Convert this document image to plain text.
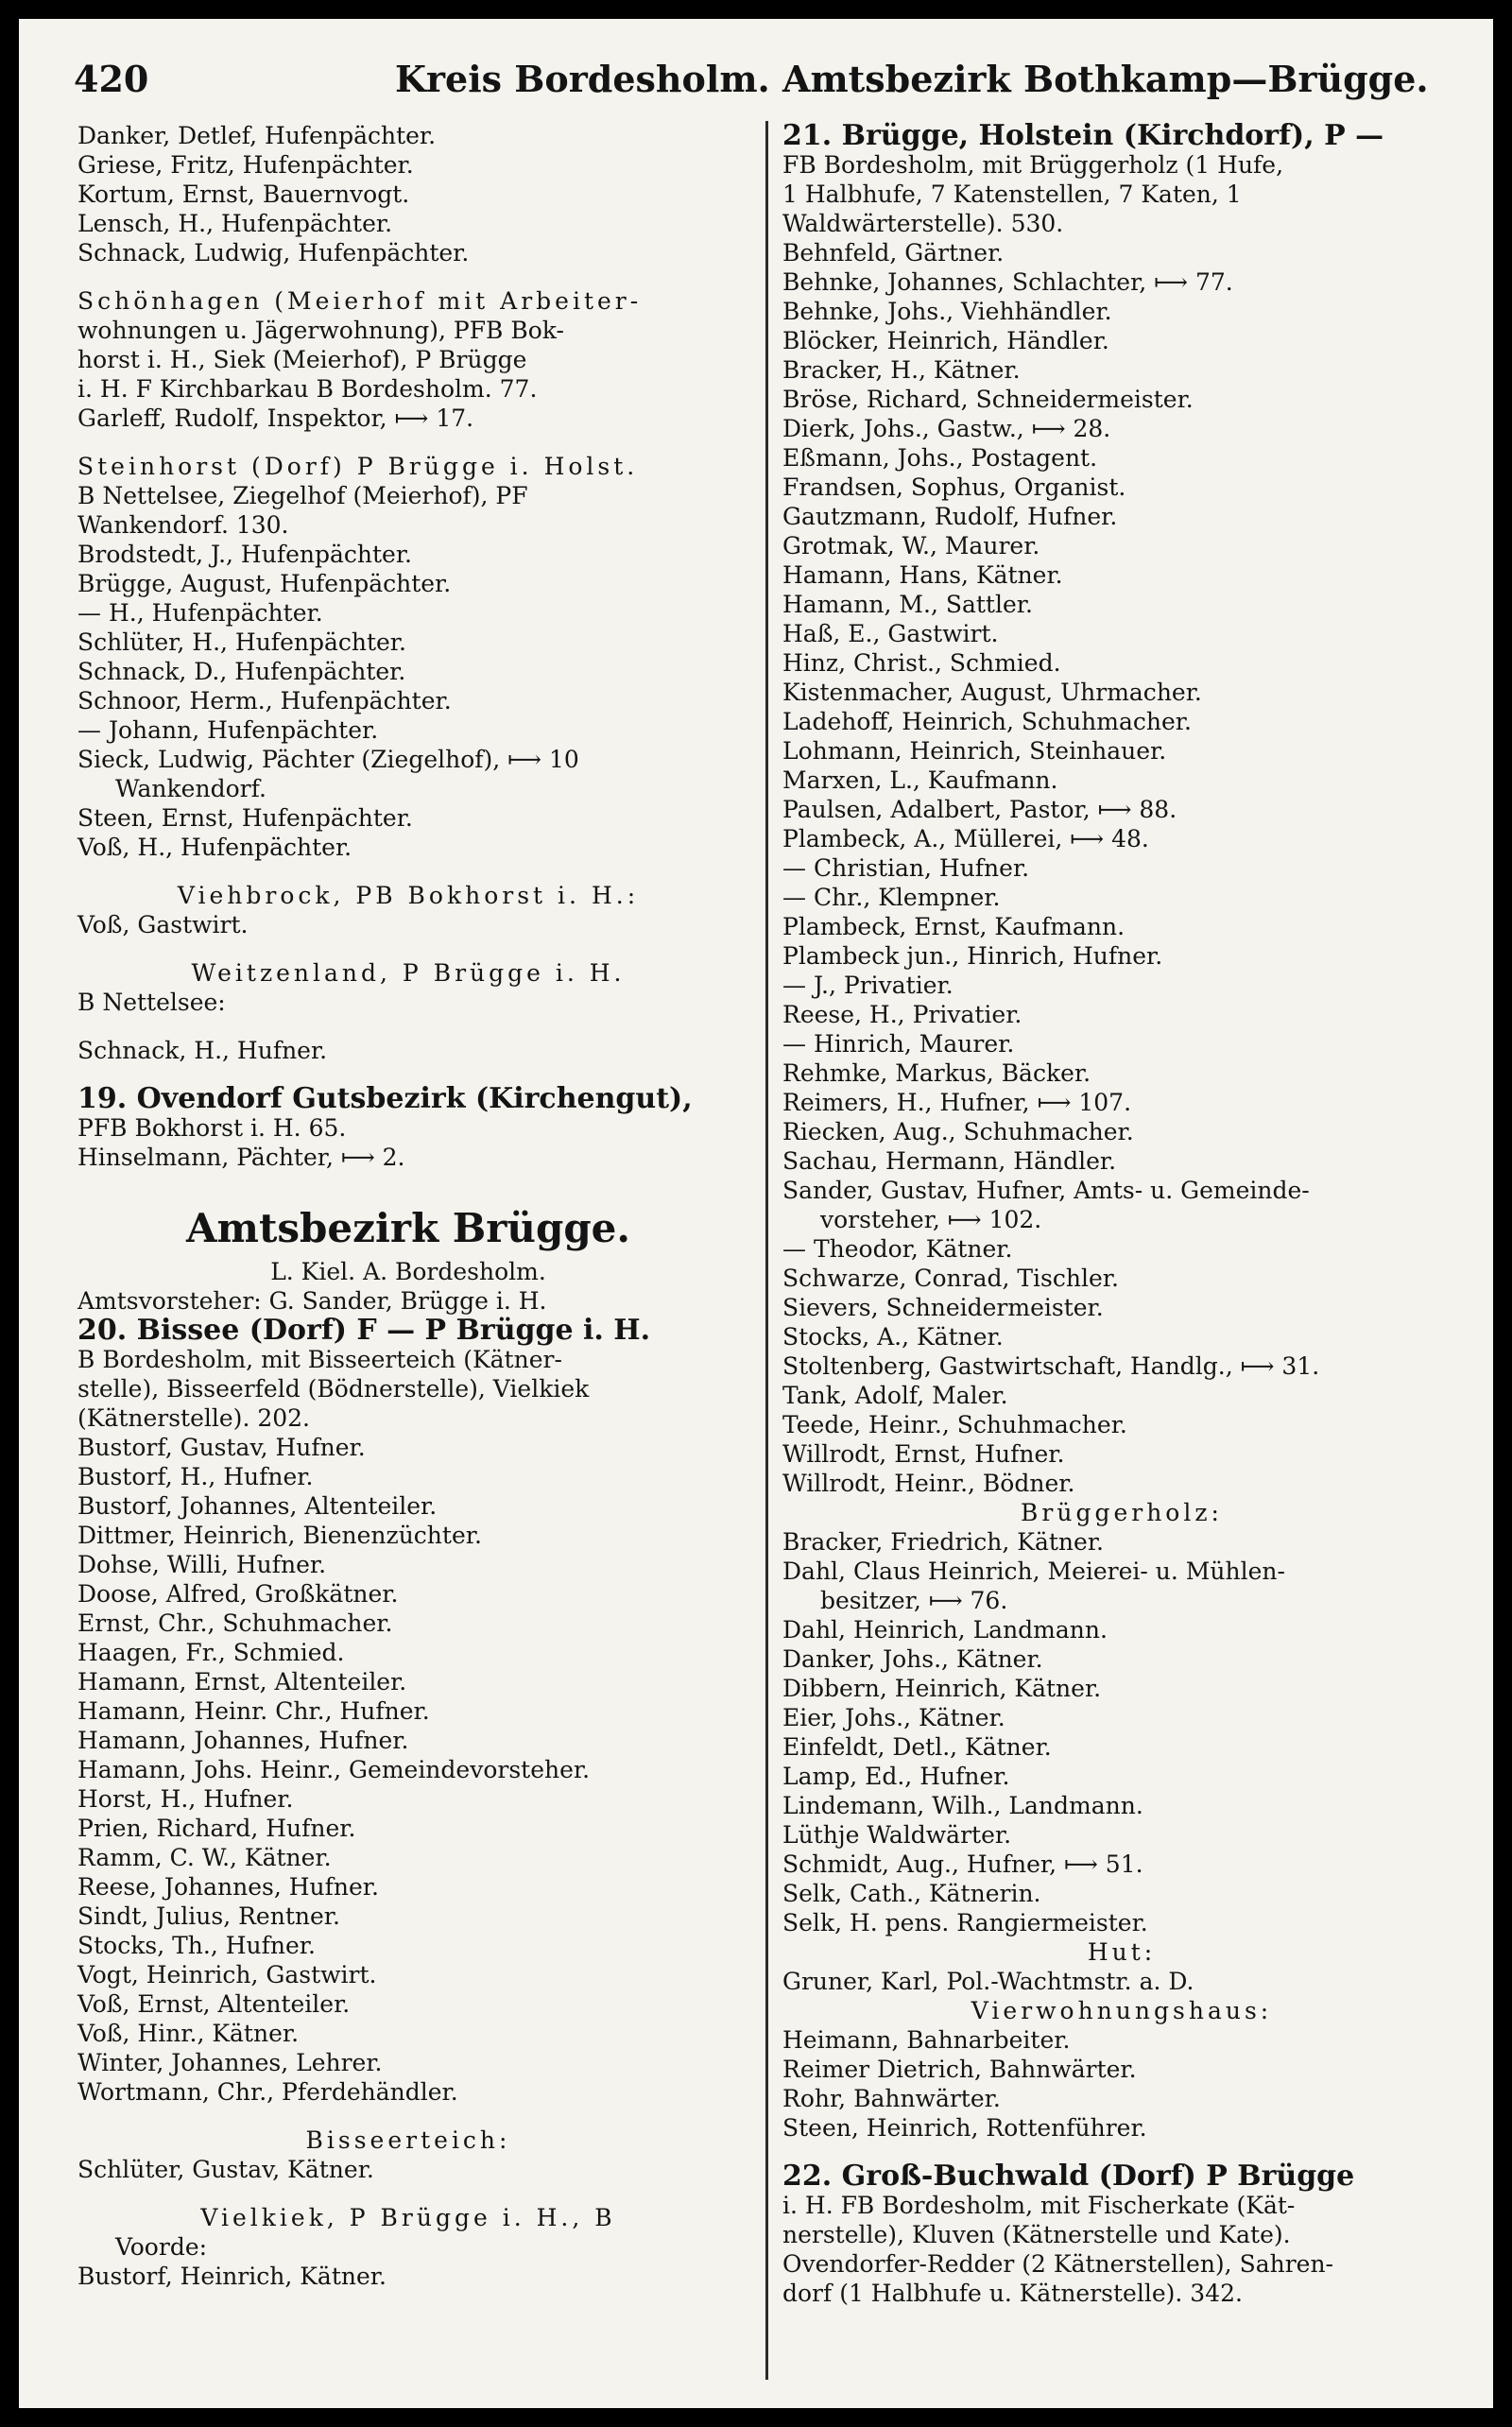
420	Kreis Bordesholm. Amtsbezirk Bothkamp—Brügge.
Danker, Detlef, Hufenpächter.
Griese, Fritz, Hufenpächter.
Kortum, Ernst, Bauernvogt.
Lensch, H., Hufenpächter.
Schnack, Ludwig, Hufenpächter.
Schönhagen (Meierhof mit Arbeiter-
wohnungen u. Jägerwohnung), PFB Bok-
horst i. H., Siek (Meierhof), P Brügge
i. H. F Kirchbarkau B Bordesholm. 77.
Garleff, Rudolf, Inspektor, ⟼ 17.
Steinhorst (Dorf) P Brügge i. Holst.
B Nettelsee, Ziegelhof (Meierhof), PF
Wankendorf. 130.
Brodstedt, J., Hufenpächter.
Brügge, August, Hufenpächter.
— H., Hufenpächter.
Schlüter, H., Hufenpächter.
Schnack, D., Hufenpächter.
Schnoor, Herm., Hufenpächter.
— Johann, Hufenpächter.
Sieck, Ludwig, Pächter (Ziegelhof), ⟼ 10
Wankendorf.
Steen, Ernst, Hufenpächter.
Voß, H., Hufenpächter.
Viehbrock, PB Bokhorst i. H.:
Voß, Gastwirt.
Weitzenland, P Brügge i. H.
B Nettelsee:
Schnack, H., Hufner.
19. Ovendorf Gutsbezirk (Kirchengut),
PFB Bokhorst i. H. 65.
Hinselmann, Pächter, ⟼ 2.
Amtsbezirk Brügge.
L. Kiel. A. Bordesholm.
Amtsvorsteher: G. Sander, Brügge i. H.
20. Bissee (Dorf) F — P Brügge i. H.
B Bordesholm, mit Bisseerteich (Kätner-
stelle), Bisseerfeld (Bödnerstelle), Vielkiek
(Kätnerstelle). 202.
Bustorf, Gustav, Hufner.
Bustorf, H., Hufner.
Bustorf, Johannes, Altenteiler.
Dittmer, Heinrich, Bienenzüchter.
Dohse, Willi, Hufner.
Doose, Alfred, Großkätner.
Ernst, Chr., Schuhmacher.
Haagen, Fr., Schmied.
Hamann, Ernst, Altenteiler.
Hamann, Heinr. Chr., Hufner.
Hamann, Johannes, Hufner.
Hamann, Johs. Heinr., Gemeindevorsteher.
Horst, H., Hufner.
Prien, Richard, Hufner.
Ramm, C. W., Kätner.
Reese, Johannes, Hufner.
Sindt, Julius, Rentner.
Stocks, Th., Hufner.
Vogt, Heinrich, Gastwirt.
Voß, Ernst, Altenteiler.
Voß, Hinr., Kätner.
Winter, Johannes, Lehrer.
Wortmann, Chr., Pferdehändler.
Bisseerteich:
Schlüter, Gustav, Kätner.
Vielkiek, P Brügge i. H., B
Voorde:
Bustorf, Heinrich, Kätner.
21. Brügge, Holstein (Kirchdorf), P —
FB Bordesholm, mit Brüggerholz (1 Hufe,
1 Halbhufe, 7 Katenstellen, 7 Katen, 1
Waldwärterstelle). 530.
Behnfeld, Gärtner.
Behnke, Johannes, Schlachter, ⟼ 77.
Behnke, Johs., Viehhändler.
Blöcker, Heinrich, Händler.
Bracker, H., Kätner.
Bröse, Richard, Schneidermeister.
Dierk, Johs., Gastw., ⟼ 28.
Eßmann, Johs., Postagent.
Frandsen, Sophus, Organist.
Gautzmann, Rudolf, Hufner.
Grotmak, W., Maurer.
Hamann, Hans, Kätner.
Hamann, M., Sattler.
Haß, E., Gastwirt.
Hinz, Christ., Schmied.
Kistenmacher, August, Uhrmacher.
Ladehoff, Heinrich, Schuhmacher.
Lohmann, Heinrich, Steinhauer.
Marxen, L., Kaufmann.
Paulsen, Adalbert, Pastor, ⟼ 88.
Plambeck, A., Müllerei, ⟼ 48.
— Christian, Hufner.
— Chr., Klempner.
Plambeck, Ernst, Kaufmann.
Plambeck jun., Hinrich, Hufner.
— J., Privatier.
Reese, H., Privatier.
— Hinrich, Maurer.
Rehmke, Markus, Bäcker.
Reimers, H., Hufner, ⟼ 107.
Riecken, Aug., Schuhmacher.
Sachau, Hermann, Händler.
Sander, Gustav, Hufner, Amts- u. Gemeinde-
vorsteher, ⟼ 102.
— Theodor, Kätner.
Schwarze, Conrad, Tischler.
Sievers, Schneidermeister.
Stocks, A., Kätner.
Stoltenberg, Gastwirtschaft, Handlg., ⟼ 31.
Tank, Adolf, Maler.
Teede, Heinr., Schuhmacher.
Willrodt, Ernst, Hufner.
Willrodt, Heinr., Bödner.
Brüggerholz:
Bracker, Friedrich, Kätner.
Dahl, Claus Heinrich, Meierei- u. Mühlen-
besitzer, ⟼ 76.
Dahl, Heinrich, Landmann.
Danker, Johs., Kätner.
Dibbern, Heinrich, Kätner.
Eier, Johs., Kätner.
Einfeldt, Detl., Kätner.
Lamp, Ed., Hufner.
Lindemann, Wilh., Landmann.
Lüthje Waldwärter.
Schmidt, Aug., Hufner, ⟼ 51.
Selk, Cath., Kätnerin.
Selk, H. pens. Rangiermeister.
Hut:
Gruner, Karl, Pol.-Wachtmstr. a. D.
Vierwohnungshaus:
Heimann, Bahnarbeiter.
Reimer Dietrich, Bahnwärter.
Rohr, Bahnwärter.
Steen, Heinrich, Rottenführer.
22. Groß-Buchwald (Dorf) P Brügge
i. H. FB Bordesholm, mit Fischerkate (Kät-
nerstelle), Kluven (Kätnerstelle und Kate).
Ovendorfer-Redder (2 Kätnerstellen), Sahren-
dorf (1 Halbhufe u. Kätnerstelle). 342.
